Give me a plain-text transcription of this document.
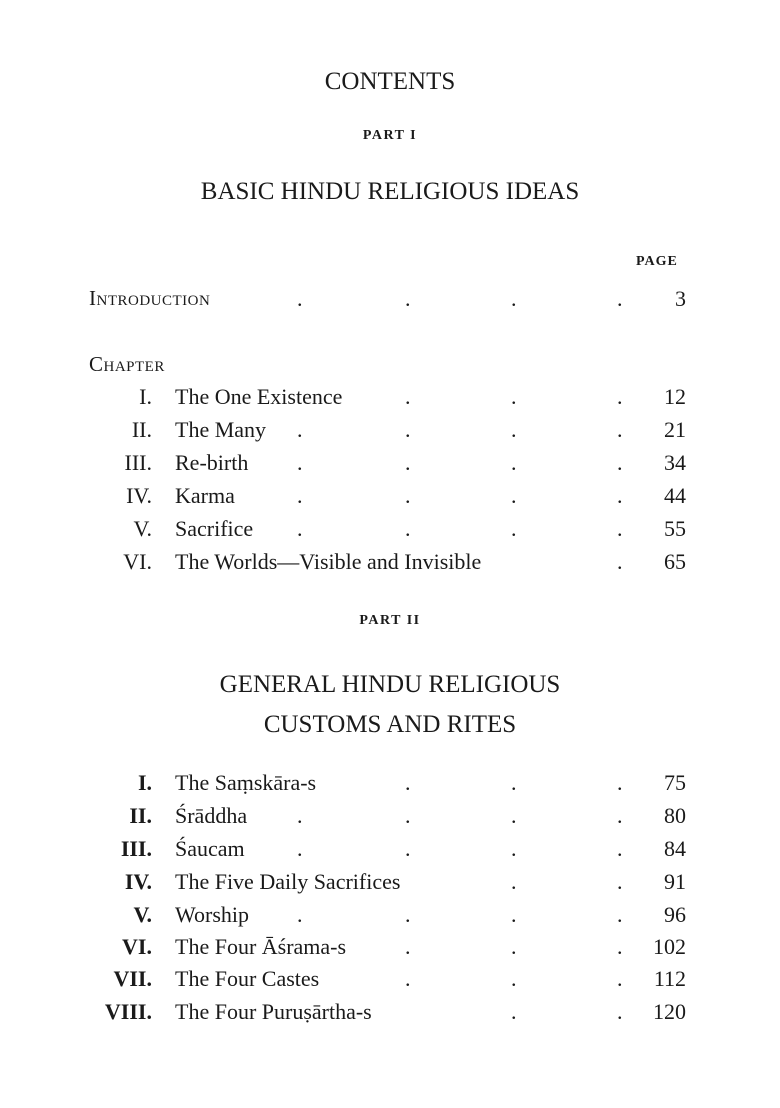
CONTENTS
PART I
BASIC HINDU RELIGIOUS IDEAS
PAGE
Introduction	.	.	.	. 3
Chapter
I. The One Existence	.	.	. 12
II. The Many .	.	.	. 21
III. Re-birth .	.	.	. 34
IV. Karma	.	.	.	. 44
V. Sacrifice .	.	.	. 55
VI. The Worlds—Visible and Invisible	. 65
PART II
GENERAL HINDU RELIGIOUS
CUSTOMS AND RITES
I. The Saṃskāra-s	.	.	. 75
II. Śrāddha .	.	.	. 80
III. Śaucam .	.	.	. 84
IV. The Five Daily Sacrifices	.	. 91
V. Worship .	.	.	. 96
VI. The Four Āśrama-s	.	.	. 102
VII. The Four Castes	.	.	. 112
VIII. The Four Puruṣārtha-s	.	. 120
